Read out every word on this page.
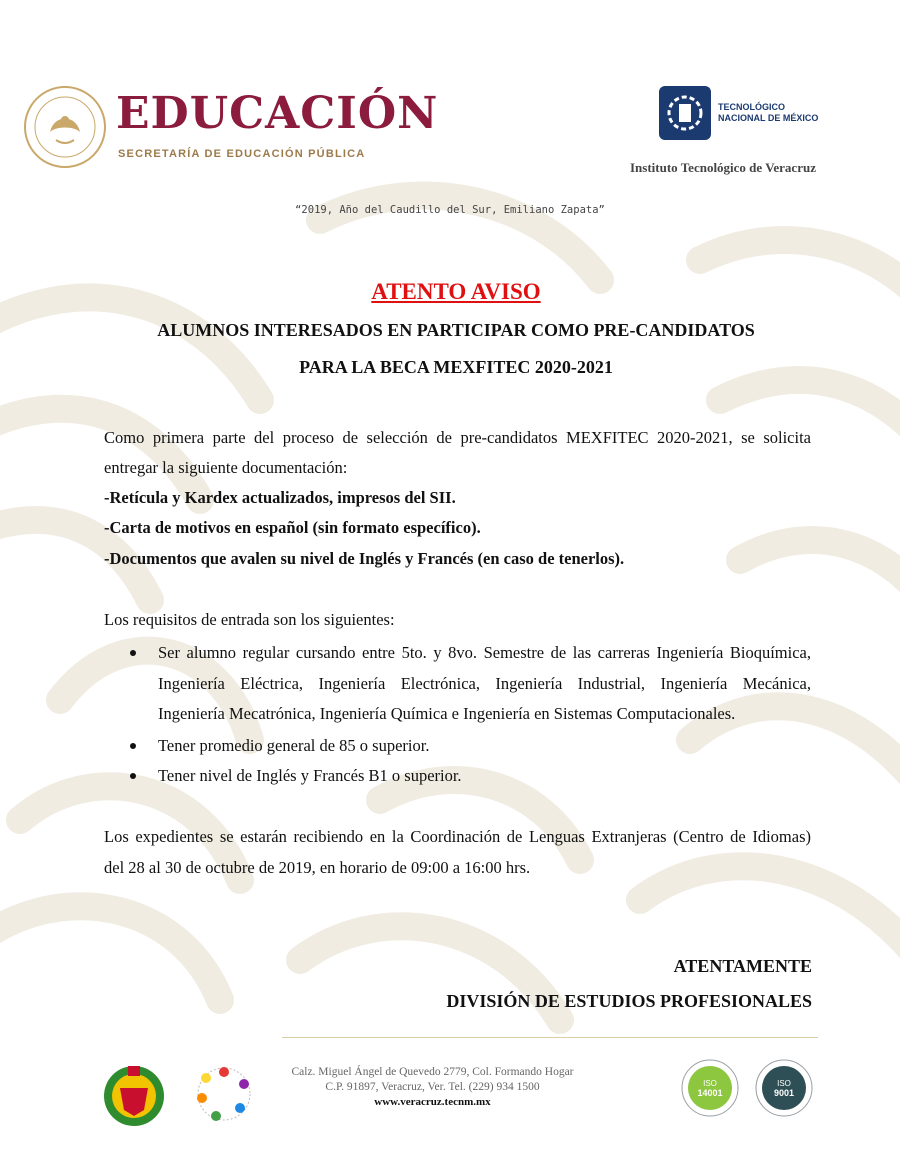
EDUCACIÓN
SECRETARÍA DE EDUCACIÓN PÚBLICA
TECNOLÓGICO
NACIONAL DE MÉXICO
Instituto Tecnológico de Veracruz
“2019, Año del Caudillo del Sur, Emiliano Zapata”
ATENTO AVISO
ALUMNOS INTERESADOS EN PARTICIPAR COMO PRE-CANDIDATOS
PARA LA BECA MEXFITEC 2020-2021
Como primera parte del proceso de selección de pre-candidatos MEXFITEC 2020-2021, se solicita
entregar la siguiente documentación:
-Retícula y Kardex actualizados, impresos del SII.
-Carta de motivos en español (sin formato específico).
-Documentos que avalen su nivel de Inglés y Francés (en caso de tenerlos).
Los requisitos de entrada son los siguientes:
Ser alumno regular cursando entre 5to. y 8vo. Semestre de las carreras Ingeniería Bioquímica,
Ingeniería Eléctrica, Ingeniería Electrónica, Ingeniería Industrial, Ingeniería Mecánica,
Ingeniería Mecatrónica, Ingeniería Química e Ingeniería en Sistemas Computacionales.
Tener promedio general de 85 o superior.
Tener nivel de Inglés y Francés B1 o superior.
Los expedientes se estarán recibiendo en la Coordinación de Lenguas Extranjeras (Centro de Idiomas)
del 28 al 30 de octubre de 2019, en horario de 09:00 a 16:00 hrs.
ATENTAMENTE
DIVISIÓN DE ESTUDIOS PROFESIONALES
Calz. Miguel Ángel de Quevedo 2779, Col. Formando Hogar
C.P. 91897, Veracruz, Ver. Tel. (229) 934 1500
www.veracruz.tecnm.mx
ISO
14001
ISO
9001
